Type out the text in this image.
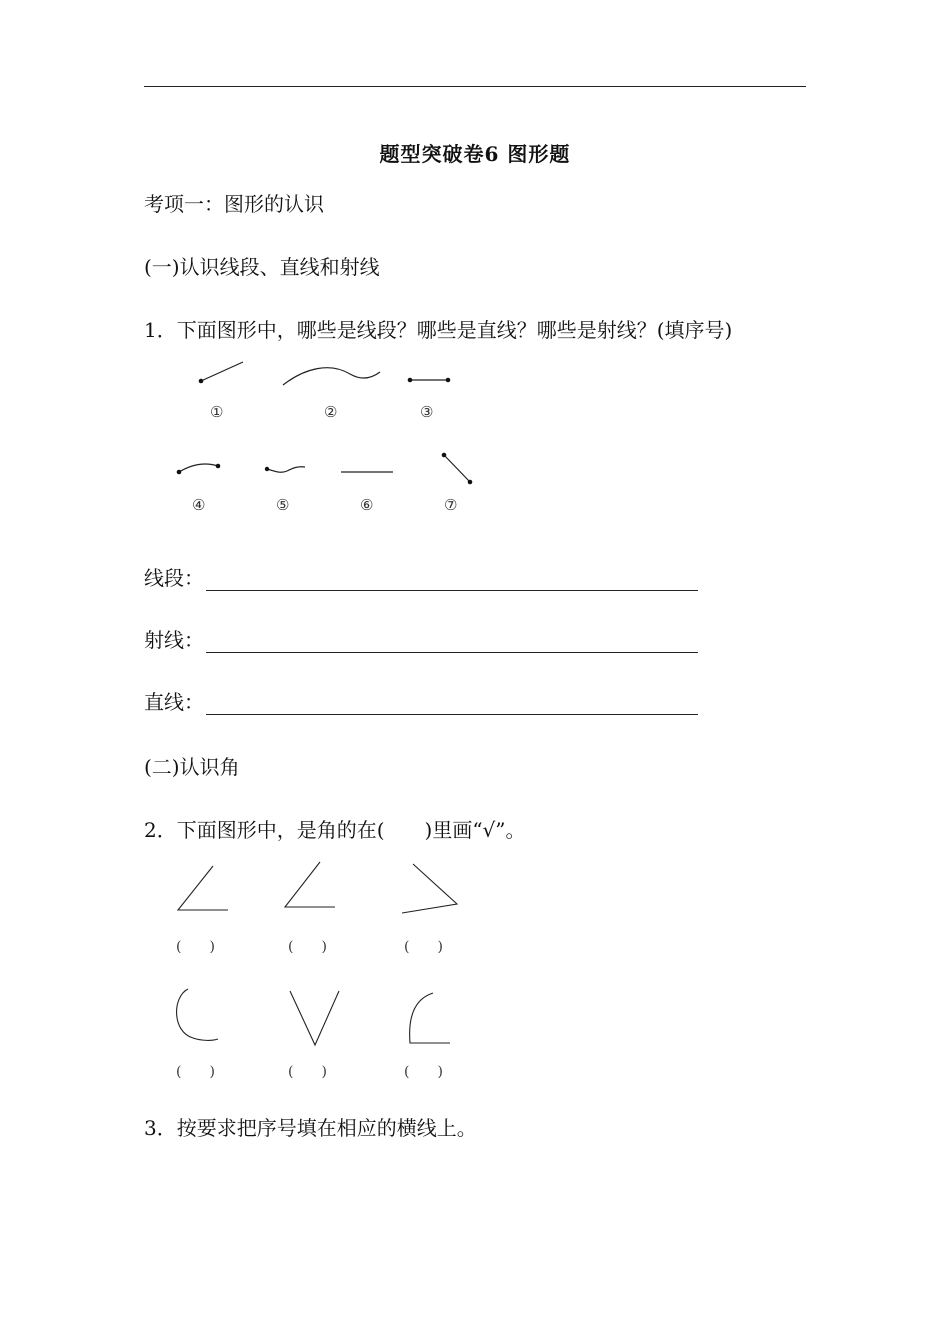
题型突破卷6 图形题
考项一：图形的认识
(一)认识线段、直线和射线
1．下面图形中，哪些是线段？哪些是直线？哪些是射线？(填序号)
①	②	③
④	⑤	⑥	⑦
(　　)	(　　)	(　　)
(　　)	(　　)	(　　)
线段：
射线：
直线：
(二)认识角
2．下面图形中，是角的在(　　)里画“√”。
3．按要求把序号填在相应的横线上。
